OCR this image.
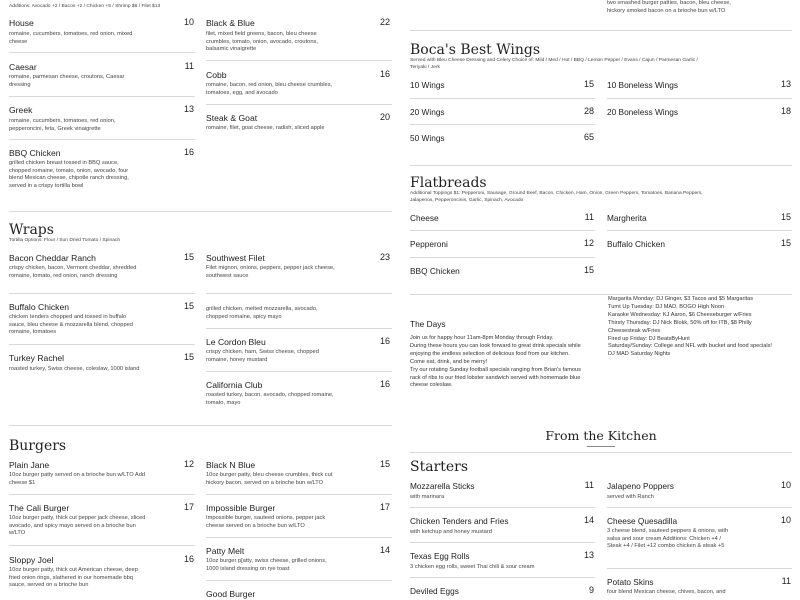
Additions: Avocado +2 / Bacon +2 / Chicken +5 / Shrimp $6 / Filet $13
House	10
romaine, cucumbers, tomatoes, red onion, mixed cheese
Caesar	11
romaine, parmesan cheese, croutons, Caesar dressing
Greek	13
romaine, cucumbers, tomatoes, red onion, pepperoncini, feta, Greek vinaigrette
BBQ Chicken	16
grilled chicken breast tossed in BBQ sauce, chopped romaine, tomato, onion, avocado, four blend Mexican cheese, chipotle ranch dressing, served in a crispy tortilla bowl
Black & Blue	22
filet, mixed field greens, bacon, bleu cheese crumbles, tomato, onion, avocado, croutons, balsamic vinaigrette
Cobb	16
romaine, bacon, red onion, bleu cheese crumbles, tomatoes, egg, and avocado
Steak & Goat	20
romaine, filet, goat cheese, radish, sliced apple
Wraps
Tortilla Options: Flour / Sun Dried Tomato / Spinach
Bacon Cheddar Ranch	15
crispy chicken, bacon, Vermont cheddar, shredded romaine, tomato, red onion, ranch dressing
Buffalo Chicken	15
chicken tenders chopped and tossed in buffalo sauce, bleu cheese & mozzarella blend, chopped romaine, tomatoes
Turkey Rachel	15
roasted turkey, Swiss cheese, coleslaw, 1000 island
Southwest Filet	23
Filet mignon, onions, peppers, pepper jack cheese, southwest sauce
grilled chicken, melted mozzarella, avocado, chopped romaine, spicy mayo
Le Cordon Bleu	16
crispy chicken, ham, Swiss cheese, chopped romaine, honey mustard
California Club	16
roasted turkey, bacon, avocado, chopped romaine, tomato, mayo
Burgers
Plain Jane	12
10oz burger patty served on a brioche bun w/LTO Add cheese $1
The Cali Burger	17
10oz burger patty, thick cut pepper jack cheese, sliced avocado, and spicy mayo served on a brioche bun w/LTO
Sloppy Joel	16
10oz burger patty, thick cut American cheese, deep fried onion rings, slathered in our homemade bbq sauce, served on a brioche bun
Black N Blue	15
10oz burger patty, bleu cheese crumbles, thick cut hickory bacon, served on a brioche bun w/LTO
Impossible Burger	17
Impossible burger, sauteed onions, pepper jack cheese served on a brioche bun w/LTO
Patty Melt	14
10oz burger p[atty, swiss cheese, grilled onions, 1000 island dressing on rye toast
Good Burger
two smashed burger patties, bacon, bleu cheese, hickory smoked bacon on a brioche bun w/LTO
Boca's Best Wings
Served with Bleu Cheese Dressing and Celery Choice of: Mild / Med / Hot / BBQ / Lemon Pepper / Evans / Cajun / Parmesan Garlic / Teriyaki / Jerk
10 Wings	15
20 Wings	28
50 Wings	65
10 Boneless Wings	13
20 Boneless Wings	18
Flatbreads
Additional Toppings $1: Pepperoni, Sausage, Ground Beef, Bacon, Chicken, Ham, Onion, Green Peppers, Tomatoes, Banana Peppers, Jalapenos, Pepperoncinis, Garlic, Spinach, Avocado
Cheese	11
Pepperoni	12
BBQ Chicken	15
Margherita	15
Buffalo Chicken	15
The Days
Join us for happy hour 11am-8pm Monday through Friday.
During these hours you can look forward to great drink specials while
enjoying the endless selection of delicious food from our kitchen.
Come eat, drink, and be merry!
Try our rotating Sunday football specials ranging from Brian's famous
rack of ribs to our fried lobster sandwich served with homemade blue
cheese coleslaw.
Margarita Monday: DJ Ginger, $3 Tacos and $5 Margaritas
Turnt Up Tuesday: DJ MAD, BOGO High Noon
Karaoke Wednesday: KJ Aaron, $6 Cheeseburger w/Fries
Thirsty Thursday: DJ Nick Blokk, 50% off for ITB, $8 Philly
Cheesesteak w/Fries
Fired up Friday: DJ BeatsByHunt
Saturday/Sunday: College and NFL with bucket and food specials!
DJ MAD Saturday Nights
From the Kitchen
Starters
Mozzarella Sticks	11
with marinara
Chicken Tenders and Fries	14
with ketchup and honey mustard
Texas Egg Rolls	13
3 chicken egg rolls, sweet Thai chili & sour cream
Deviled Eggs	9
Jalapeno Poppers	10
served with Ranch
Cheese Quesadilla	10
3 cheese blend, sauteed peppers & onions, with salsa and sour cream Additions: Chicken +4 / Steak +4 / Filet +12 combo chicken & steak +5
Potato Skins	11
four blend Mexican cheese, chives, bacon, and
